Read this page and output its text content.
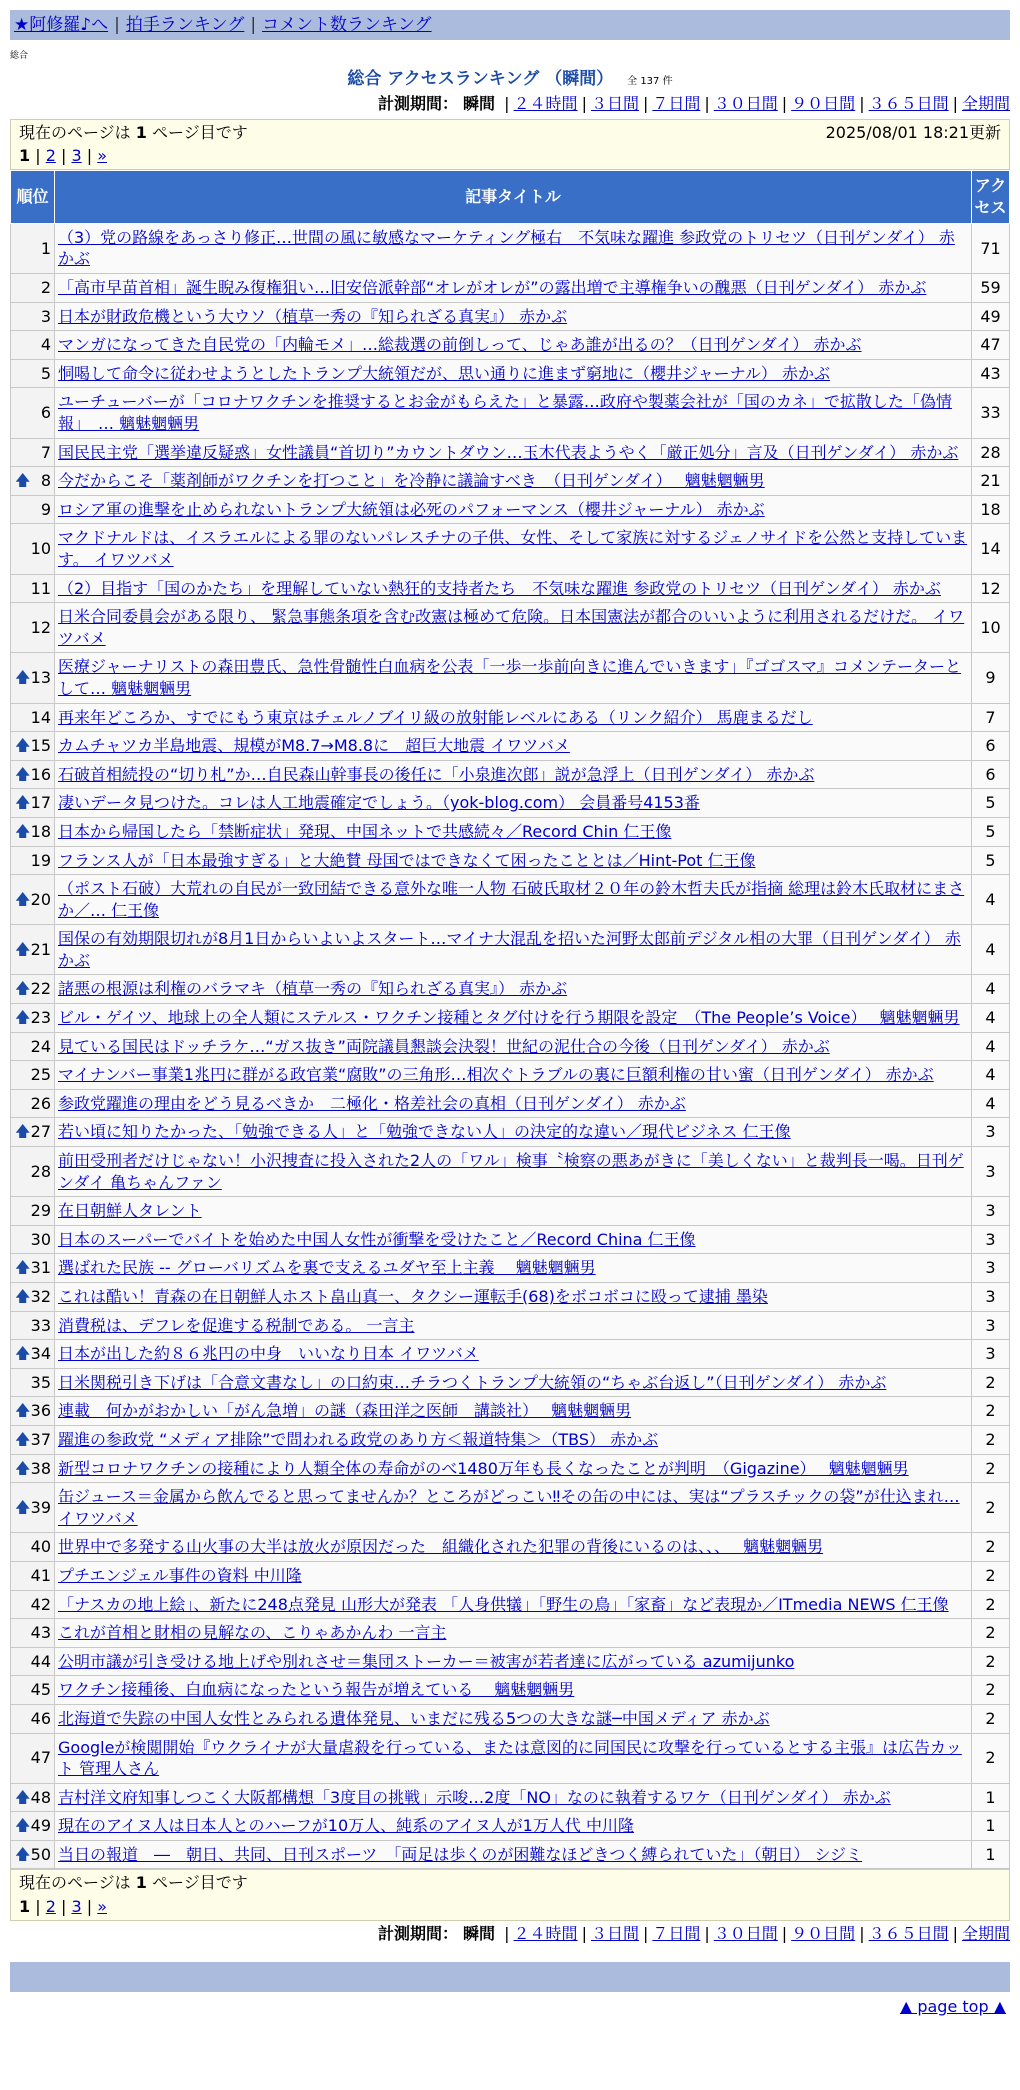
★阿修羅♪へ | 拍手ランキング | コメント数ランキング
総合
総合 アクセスランキング （瞬間） 全 137 件
計測期間： 瞬間 | ２４時間 | ３日間 | ７日間 | ３０日間 | ９０日間 | ３６５日間 | 全期間
現在のページは 1 ページ目です	2025/08/01 18:21更新
1 | 2 | 3 | »
順位	記事タイトル	アクセス
1	（3）党の路線をあっさり修正…世間の風に敏感なマーケティング極右　不気味な躍進 参政党のトリセツ（日刊ゲンダイ） 赤かぶ	71
2	「高市早苗首相」誕生睨み復権狙い…旧安倍派幹部“オレがオレが”の露出増で主導権争いの醜悪（日刊ゲンダイ） 赤かぶ	59
3	日本が財政危機という大ウソ（植草一秀の『知られざる真実』） 赤かぶ	49
4	マンガになってきた自民党の「内輪モメ」…総裁選の前倒しって、じゃあ誰が出るの？（日刊ゲンダイ） 赤かぶ	47
5	恫喝して命令に従わせようとしたトランプ大統領だが、思い通りに進まず窮地に（櫻井ジャーナル） 赤かぶ	43
6	ユーチューバーが「コロナワクチンを推奨するとお金がもらえた」と暴露…政府や製薬会社が「国のカネ」で拡散した「偽情報」　… 魑魅魍魎男	33
7	国民民主党「選挙違反疑惑」女性議員“首切り”カウントダウン…玉木代表ようやく「厳正処分」言及（日刊ゲンダイ） 赤かぶ	28

🡅 8	今だからこそ「薬剤師がワクチンを打つこと」を冷静に議論すべき　（日刊ゲンダイ）　 魑魅魍魎男	21
9	ロシア軍の進撃を止められないトランプ大統領は必死のパフォーマンス（櫻井ジャーナル） 赤かぶ	18
10	マクドナルドは、イスラエルによる罪のないパレスチナの子供、女性、そして家族に対するジェノサイドを公然と支持しています。 イワツバメ	14
11	（2）目指す「国のかたち」を理解していない熱狂的支持者たち　不気味な躍進 参政党のトリセツ（日刊ゲンダイ） 赤かぶ	12
12	日米合同委員会がある限り、 緊急事態条項を含む改憲は極めて危険。日本国憲法が都合のいいように利用されるだけだ。 イワツバメ	10

🡅 13	医療ジャーナリストの森田豊氏、急性骨髄性白血病を公表「一歩一歩前向きに進んでいきます」『ゴゴスマ』コメンテーターとして… 魑魅魍魎男	9
14	再来年どころか、すでにもう東京はチェルノブイリ級の放射能レベルにある（リンク紹介） 馬鹿まるだし	7

🡅 15	カムチャツカ半島地震、規模がM8.7→M8.8に　超巨大地震 イワツバメ	6

🡅 16	石破首相続投の“切り札”か…自民森山幹事長の後任に「小泉進次郎」説が急浮上（日刊ゲンダイ） 赤かぶ	6

🡅 17	凄いデータ見つけた。コレは人工地震確定でしょう。（yok-blog.com） 会員番号4153番	5

🡅 18	日本から帰国したら「禁断症状」発現、中国ネットで共感続々／Record Chin 仁王像	5
19	フランス人が「日本最強すぎる」と大絶賛 母国ではできなくて困ったこととは／Hint-Pot 仁王像	5

🡅 20	（ポスト石破）大荒れの自民が一致団結できる意外な唯一人物 石破氏取材２０年の鈴木哲夫氏が指摘 総理は鈴木氏取材にまさか／… 仁王像	4

🡅 21	国保の有効期限切れが8月1日からいよいよスタート…マイナ大混乱を招いた河野太郎前デジタル相の大罪（日刊ゲンダイ） 赤かぶ	4

🡅 22	諸悪の根源は利権のバラマキ（植草一秀の『知られざる真実』） 赤かぶ	4

🡅 23	ビル・ゲイツ、地球上の全人類にステルス・ワクチン接種とタグ付けを行う期限を設定　（The People’s Voice）　 魑魅魍魎男	4
24	見ている国民はドッチラケ…“ガス抜き”両院議員懇談会決裂！世紀の泥仕合の今後（日刊ゲンダイ） 赤かぶ	4
25	マイナンバー事業1兆円に群がる政官業“腐敗”の三角形…相次ぐトラブルの裏に巨額利権の甘い蜜（日刊ゲンダイ） 赤かぶ	4
26	参政党躍進の理由をどう見るべきか　二極化・格差社会の真相（日刊ゲンダイ） 赤かぶ	4

🡅 27	若い頃に知りたかった、「勉強できる人」と「勉強できない人」の決定的な違い／現代ビジネス 仁王像	3
28	前田受刑者だけじゃない！小沢捜査に投入された2人の「ワル」検事〝検察の悪あがきに「美しくない」と裁判長一喝。日刊ゲンダイ 亀ちゃんファン	3
29	在日朝鮮人タレント	3
30	日本のスーパーでバイトを始めた中国人女性が衝撃を受けたこと／Record China 仁王像	3

🡅 31	選ばれた民族 -- グローバリズムを裏で支えるユダヤ至上主義　 魑魅魍魎男	3

🡅 32	これは酷い！青森の在日朝鮮人ホスト畠山真一、タクシー運転手(68)をボコボコに殴って逮捕 墨染	3
33	消費税は、デフレを促進する税制である。 一言主	3

🡅 34	日本が出した約８６兆円の中身　いいなり日本 イワツバメ	3
35	日米関税引き下げは「合意文書なし」の口約束…チラつくトランプ大統領の“ちゃぶ台返し”（日刊ゲンダイ） 赤かぶ	2

🡅 36	連載　何かがおかしい「がん急増」の謎（森田洋之医師　講談社）　 魑魅魍魎男	2

🡅 37	躍進の参政党 “メディア排除”で問われる政党のあり方＜報道特集＞（TBS） 赤かぶ	2

🡅 38	新型コロナワクチンの接種により人類全体の寿命がのべ1480万年も長くなったことが判明　（Gigazine）　 魑魅魍魎男	2

🡅 39	缶ジュース＝金属から飲んでると思ってませんか？ところがどっこい‼その缶の中には、実は“プラスチックの袋”が仕込まれ… イワツバメ	2
40	世界中で多発する山火事の大半は放火が原因だった　組織化された犯罪の背後にいるのは、、、　 魑魅魍魎男	2
41	プチエンジェル事件の資料 中川隆	2
42	「ナスカの地上絵」、新たに248点発見 山形大が発表 「人身供犠」「野生の鳥」「家畜」など表現か／ITmedia NEWS 仁王像	2
43	これが首相と財相の見解なの、こりゃあかんわ 一言主	2
44	公明市議が引き受ける地上げや別れさせ＝集団ストーカー＝被害が若者達に広がっている azumijunko	2
45	ワクチン接種後、白血病になったという報告が増えている　 魑魅魍魎男	2
46	北海道で失踪の中国人女性とみられる遺体発見、いまだに残る5つの大きな謎─中国メディア 赤かぶ	2
47	Googleが検閲開始『ウクライナが大量虐殺を行っている、または意図的に同国民に攻撃を行っているとする主張』は広告カット 管理人さん	2

🡅 48	吉村洋文府知事しつこく大阪都構想「3度目の挑戦」示唆…2度「NO」なのに執着するワケ（日刊ゲンダイ） 赤かぶ	1

🡅 49	現在のアイヌ人は日本人とのハーフが10万人、純系のアイヌ人が1万人代 中川隆	1

🡅 50	当日の報道　―　朝日、共同、日刊スポーツ　「両足は歩くのが困難なほどきつく縛られていた」（朝日） シジミ	1
現在のページは 1 ページ目です
1 | 2 | 3 | »
計測期間： 瞬間 | ２４時間 | ３日間 | ７日間 | ３０日間 | ９０日間 | ３６５日間 | 全期間
▲ page top ▲
